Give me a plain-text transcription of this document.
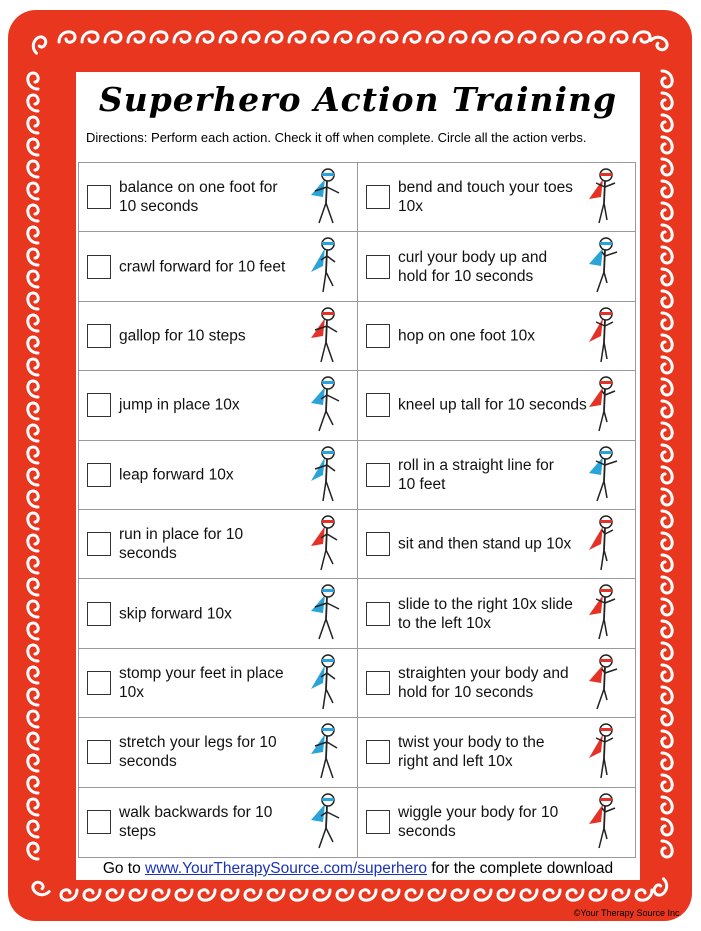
Superhero Action Training
Directions: Perform each action. Check it off when complete. Circle all the action verbs.
balance on one foot for 10 seconds
bend and touch your toes 10x
crawl forward for 10 feet
curl your body up and hold for 10 seconds
gallop for 10 steps	hop on one foot 10x
jump in place 10x	kneel up tall for 10 seconds
leap forward 10x
roll in a straight line for 10 feet
run in place for 10 seconds
sit and then stand up 10x
skip forward 10x
slide to the right 10x slide to the left 10x
stomp your feet in place 10x
straighten your body and hold for 10 seconds
stretch your legs for 10 seconds
twist your body to the right and left 10x
walk backwards for 10 steps
wiggle your body for 10 seconds
Go to www.YourTherapySource.com/superhero for the complete download
©Your Therapy Source Inc.
